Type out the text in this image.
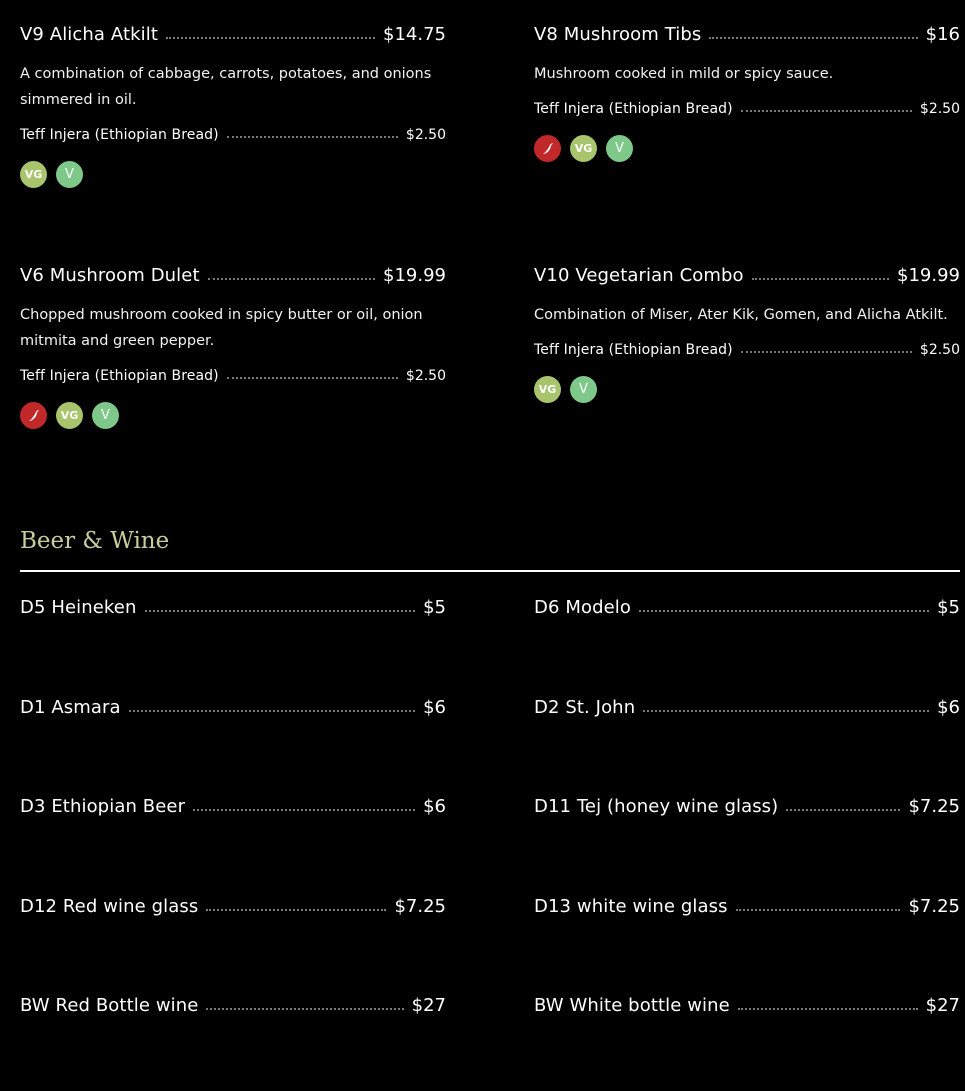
V9 Alicha Atkilt	$14.75
A combination of cabbage, carrots, potatoes, and onions simmered in oil.
Teff Injera (Ethiopian Bread)	$2.50
VG	V
V8 Mushroom Tibs	$16
Mushroom cooked in mild or spicy sauce.
Teff Injera (Ethiopian Bread)	$2.50
VG	V
V6 Mushroom Dulet	$19.99
Chopped mushroom cooked in spicy butter or oil, onion mitmita and green pepper.
Teff Injera (Ethiopian Bread)	$2.50
VG	V
V10 Vegetarian Combo	$19.99
Combination of Miser, Ater Kik, Gomen, and Alicha Atkilt.
Teff Injera (Ethiopian Bread)	$2.50
VG	V
Beer & Wine
D5 Heineken	$5	D6 Modelo	$5
D1 Asmara	$6	D2 St. John	$6
D3 Ethiopian Beer	$6	D11 Tej (honey wine glass)	$7.25
D12 Red wine glass	$7.25	D13 white wine glass	$7.25
BW Red Bottle wine	$27	BW White bottle wine	$27
